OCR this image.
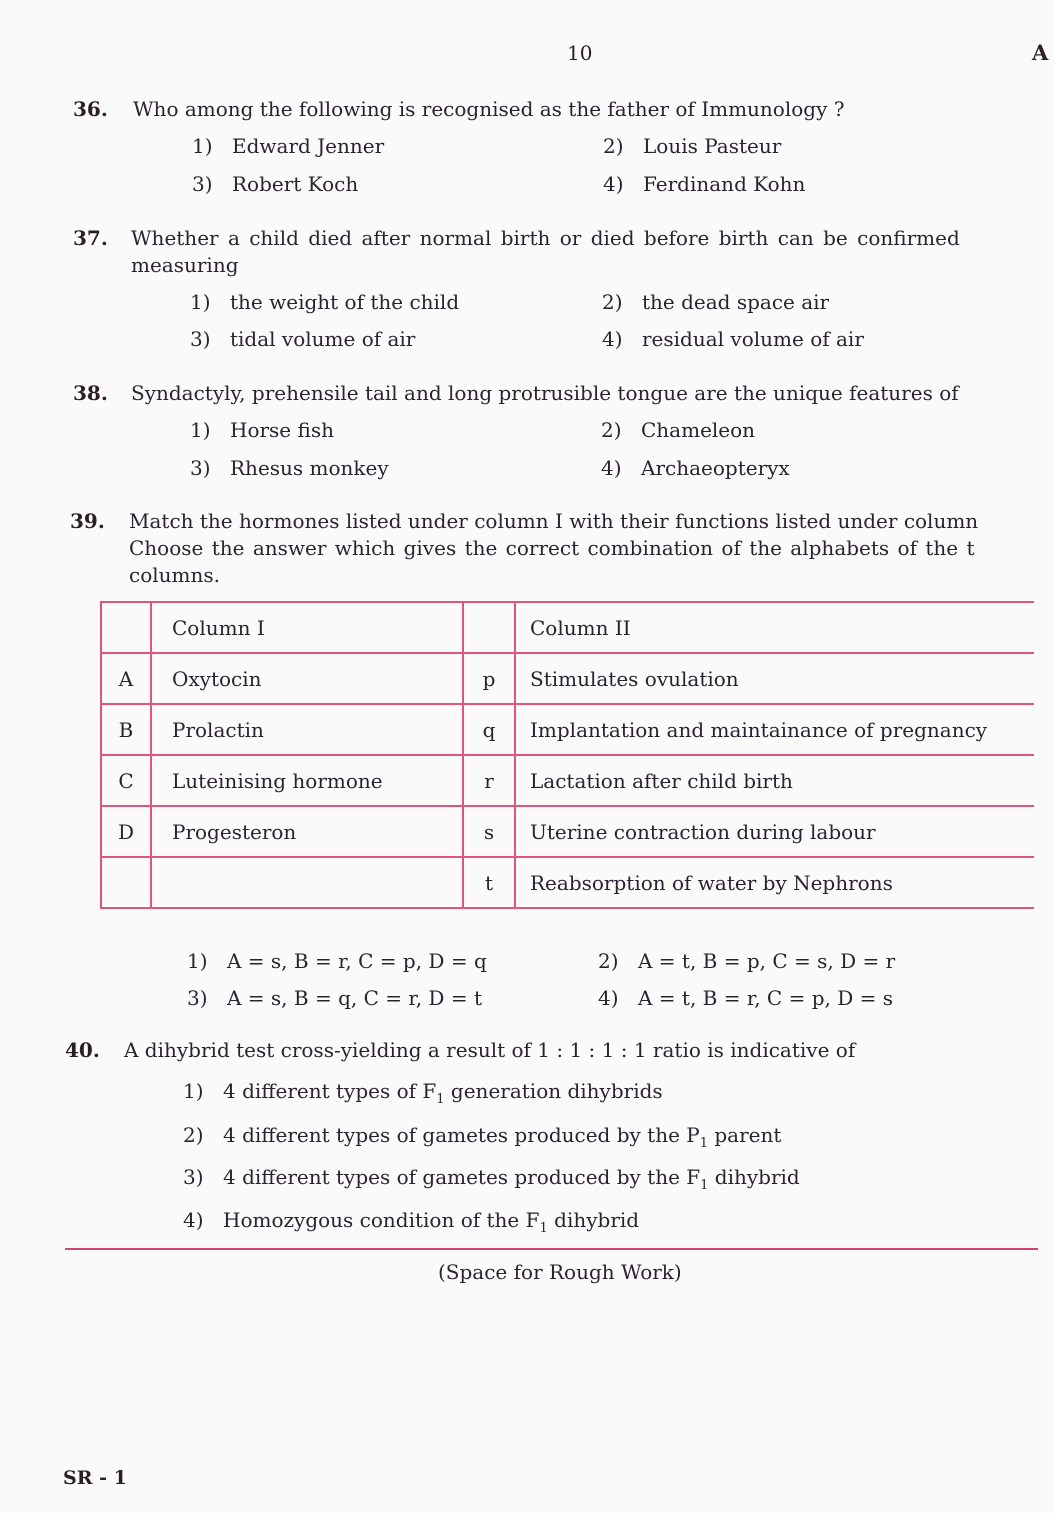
10	A
36. Who among the following is recognised as the father of Immunology ?
1) Edward Jenner	2) Louis Pasteur
3) Robert Koch	4) Ferdinand Kohn
37. Whether a child died after normal birth or died before birth can be confirmed
measuring
1) the weight of the child	2) the dead space air
3) tidal volume of air	4) residual volume of air
38. Syndactyly, prehensile tail and long protrusible tongue are the unique features of
1) Horse fish	2) Chameleon
3) Rhesus monkey	4) Archaeopteryx
39. Match the hormones listed under column I with their functions listed under column
Choose the answer which gives the correct combination of the alphabets of the t
columns.
	Column I		Column II
A	Oxytocin	p	Stimulates ovulation
B	Prolactin	q	Implantation and maintainance of pregnancy
C	Luteinising hormone	r	Lactation after child birth
D	Progesteron	s	Uterine contraction during labour
		t	Reabsorption of water by Nephrons
1) A = s, B = r, C = p, D = q	2) A = t, B = p, C = s, D = r
3) A = s, B = q, C = r, D = t	4) A = t, B = r, C = p, D = s
40. A dihybrid test cross-yielding a result of 1 : 1 : 1 : 1 ratio is indicative of
1) 4 different types of $F_1$ generation dihybrids
2) 4 different types of gametes produced by the $P_1$ parent
3) 4 different types of gametes produced by the $F_1$ dihybrid
4) Homozygous condition of the $F_1$ dihybrid
(Space for Rough Work)
SR - 1
